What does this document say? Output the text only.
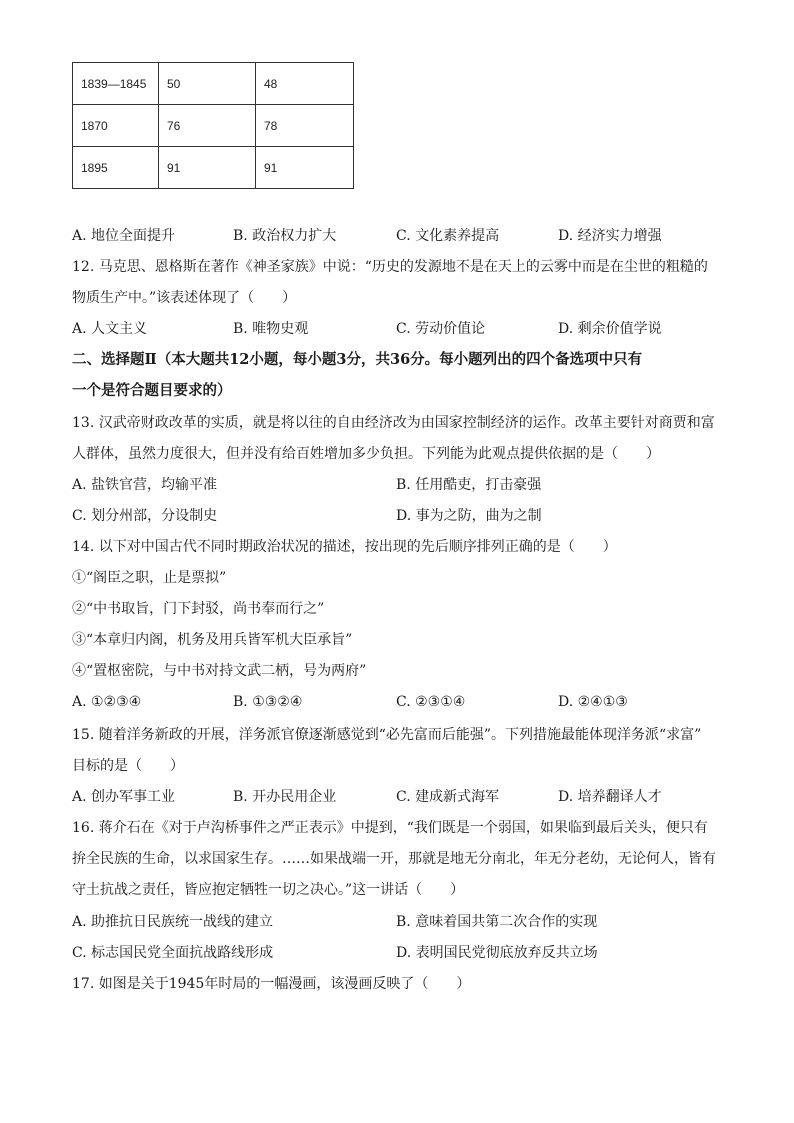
1839—1845	50	48
1870	76	78
1895	91	91
A. 地位全面提升	B. 政治权力扩大	C. 文化素养提高	D. 经济实力增强
12. 马克思、恩格斯在著作《神圣家族》中说：“历史的发源地不是在天上的云雾中而是在尘世的粗糙的
物质生产中。”该表述体现了（　　）
A. 人文主义	B. 唯物史观	C. 劳动价值论	D. 剩余价值学说
二、选择题Ⅱ（本大题共12小题，每小题3分，共36分。每小题列出的四个备选项中只有
一个是符合题目要求的）
13. 汉武帝财政改革的实质，就是将以往的自由经济改为由国家控制经济的运作。改革主要针对商贾和富
人群体，虽然力度很大，但并没有给百姓增加多少负担。下列能为此观点提供依据的是（　　）
A. 盐铁官营，均输平准	B. 任用酷吏，打击豪强
C. 划分州部，分设制史	D. 事为之防，曲为之制
14. 以下对中国古代不同时期政治状况的描述，按出现的先后顺序排列正确的是（　　）
①“阁臣之职，止是票拟”
②“中书取旨，门下封驳，尚书奉而行之”
③“本章归内阁，机务及用兵皆军机大臣承旨”
④“置枢密院，与中书对持文武二柄，号为两府”
A. ①②③④	B. ①③②④	C. ②③①④	D. ②④①③
15. 随着洋务新政的开展，洋务派官僚逐渐感觉到“必先富而后能强”。下列措施最能体现洋务派“求富”
目标的是（　　）
A. 创办军事工业	B. 开办民用企业	C. 建成新式海军	D. 培养翻译人才
16. 蒋介石在《对于卢沟桥事件之严正表示》中提到，“我们既是一个弱国，如果临到最后关头，便只有
拚全民族的生命，以求国家生存。……如果战端一开，那就是地无分南北，年无分老幼，无论何人，皆有
守土抗战之责任，皆应抱定牺牲一切之决心。”这一讲话（　　）
A. 助推抗日民族统一战线的建立	B. 意味着国共第二次合作的实现
C. 标志国民党全面抗战路线形成	D. 表明国民党彻底放弃反共立场
17. 如图是关于1945年时局的一幅漫画，该漫画反映了（　　）
